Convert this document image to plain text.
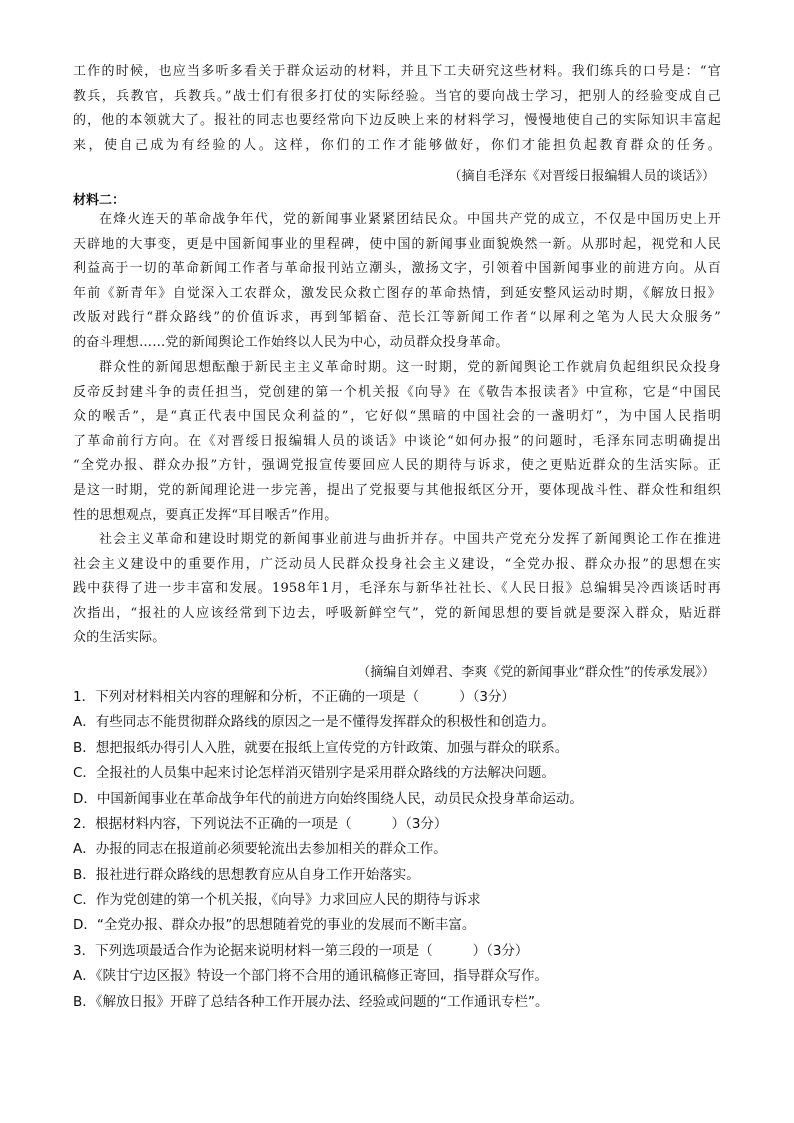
工作的时候，也应当多听多看关于群众运动的材料，并且下工夫研究这些材料。我们练兵的口号是：“官
教兵，兵教官，兵教兵。”战士们有很多打仗的实际经验。当官的要向战士学习，把别人的经验变成自己
的，他的本领就大了。报社的同志也要经常向下边反映上来的材料学习，慢慢地使自己的实际知识丰富起
来，使自己成为有经验的人。这样，你们的工作才能够做好，你们才能担负起教育群众的任务。
（摘自毛泽东《对晋绥日报编辑人员的谈话》）
材料二：
在烽火连天的革命战争年代，党的新闻事业紧紧团结民众。中国共产党的成立，不仅是中国历史上开
天辟地的大事变，更是中国新闻事业的里程碑，使中国的新闻事业面貌焕然一新。从那时起，视党和人民
利益高于一切的革命新闻工作者与革命报刊站立潮头，激扬文字，引领着中国新闻事业的前进方向。从百
年前《新青年》自觉深入工农群众，激发民众救亡图存的革命热情，到延安整风运动时期，《解放日报》
改版对践行“群众路线”的价值诉求，再到邹韬奋、范长江等新闻工作者“以犀利之笔为人民大众服务”
的奋斗理想……党的新闻舆论工作始终以人民为中心，动员群众投身革命。
群众性的新闻思想酝酿于新民主主义革命时期。这一时期，党的新闻舆论工作就肩负起组织民众投身
反帝反封建斗争的责任担当，党创建的第一个机关报《向导》在《敬告本报读者》中宣称，它是“中国民
众的喉舌”，是“真正代表中国民众利益的”，它好似“黑暗的中国社会的一盏明灯”，为中国人民指明
了革命前行方向。在《对晋绥日报编辑人员的谈话》中谈论“如何办报”的问题时，毛泽东同志明确提出
“全党办报、群众办报”方针，强调党报宣传要回应人民的期待与诉求，使之更贴近群众的生活实际。正
是这一时期，党的新闻理论进一步完善，提出了党报要与其他报纸区分开，要体现战斗性、群众性和组织
性的思想观点，要真正发挥“耳目喉舌”作用。
社会主义革命和建设时期党的新闻事业前进与曲折并存。中国共产党充分发挥了新闻舆论工作在推进
社会主义建设中的重要作用，广泛动员人民群众投身社会主义建设，“全党办报、群众办报”的思想在实
践中获得了进一步丰富和发展。1958年1月，毛泽东与新华社社长、《人民日报》总编辑吴冷西谈话时再
次指出，“报社的人应该经常到下边去，呼吸新鲜空气”，党的新闻思想的要旨就是要深入群众，贴近群
众的生活实际。
（摘编自刘婵君、李爽《党的新闻事业“群众性”的传承发展》）
1．下列对材料相关内容的理解和分析，不正确的一项是（	）（3分）
A．有些同志不能贯彻群众路线的原因之一是不懂得发挥群众的积极性和创造力。
B．想把报纸办得引人入胜，就要在报纸上宣传党的方针政策、加强与群众的联系。
C．全报社的人员集中起来讨论怎样消灭错别字是采用群众路线的方法解决问题。
D．中国新闻事业在革命战争年代的前进方向始终围绕人民，动员民众投身革命运动。
2．根据材料内容，下列说法不正确的一项是（	）（3分）
A．办报的同志在报道前必须要轮流出去参加相关的群众工作。
B．报社进行群众路线的思想教育应从自身工作开始落实。
C．作为党创建的第一个机关报，《向导》力求回应人民的期待与诉求
D．“全党办报、群众办报”的思想随着党的事业的发展而不断丰富。
3．下列选项最适合作为论据来说明材料一第三段的一项是（	）（3分）
A．《陕甘宁边区报》特设一个部门将不合用的通讯稿修正寄回，指导群众写作。
B．《解放日报》开辟了总结各种工作开展办法、经验或问题的“工作通讯专栏”。
